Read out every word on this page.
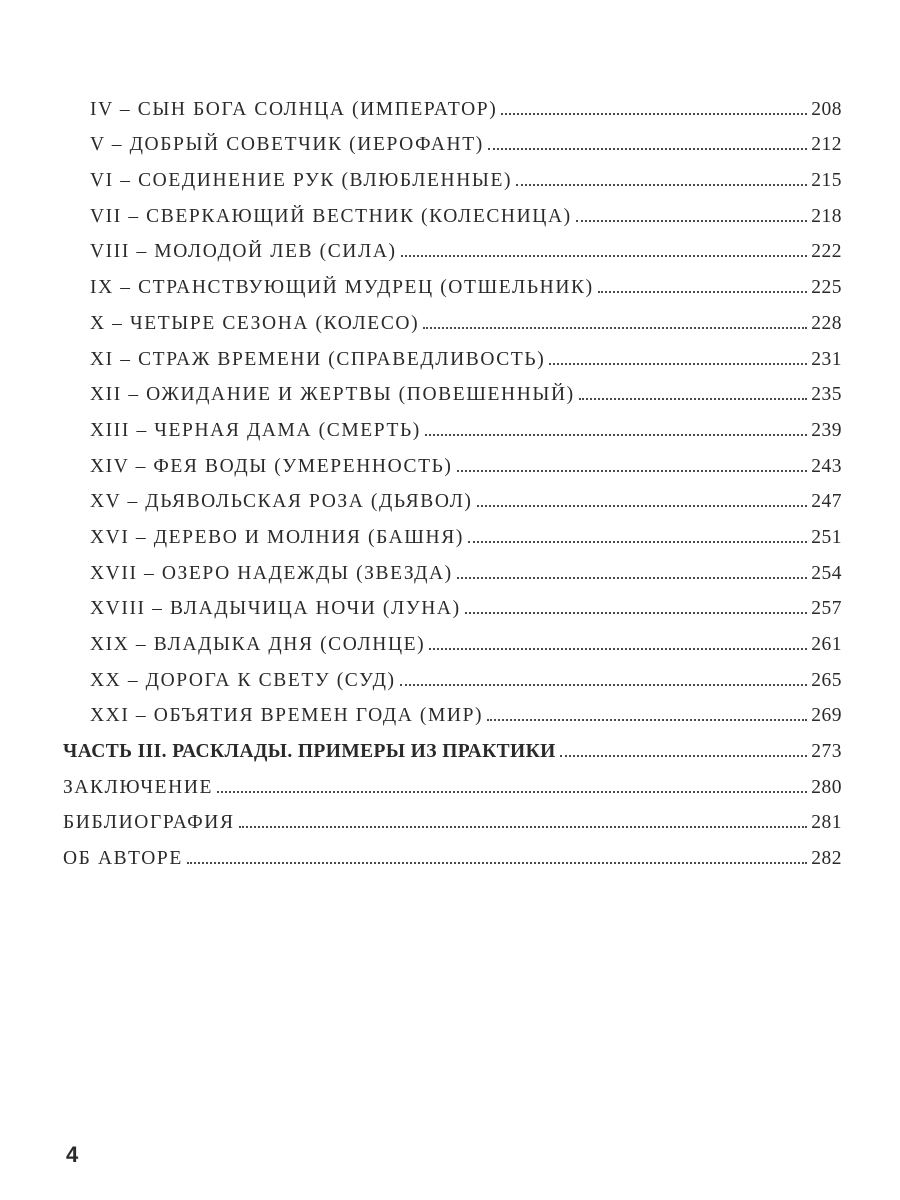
IV – СЫН БОГА СОЛНЦА (ИМПЕРАТОР)	208
V – ДОБРЫЙ СОВЕТЧИК (ИЕРОФАНТ)	212
VI – СОЕДИНЕНИЕ РУК (ВЛЮБЛЕННЫЕ)	215
VII – СВЕРКАЮЩИЙ ВЕСТНИК (КОЛЕСНИЦА)	218
VIII – МОЛОДОЙ ЛЕВ (СИЛА)	222
IX – СТРАНСТВУЮЩИЙ МУДРЕЦ (ОТШЕЛЬНИК)	225
X – ЧЕТЫРЕ СЕЗОНА (КОЛЕСО)	228
XI – СТРАЖ ВРЕМЕНИ (СПРАВЕДЛИВОСТЬ)	231
XII – ОЖИДАНИЕ И ЖЕРТВЫ (ПОВЕШЕННЫЙ)	235
XIII – ЧЕРНАЯ ДАМА (СМЕРТЬ)	239
XIV – ФЕЯ ВОДЫ (УМЕРЕННОСТЬ)	243
XV – ДЬЯВОЛЬСКАЯ РОЗА (ДЬЯВОЛ)	247
XVI – ДЕРЕВО И МОЛНИЯ (БАШНЯ)	251
XVII – ОЗЕРО НАДЕЖДЫ (ЗВЕЗДА)	254
XVIII – ВЛАДЫЧИЦА НОЧИ (ЛУНА)	257
XIX – ВЛАДЫКА ДНЯ (СОЛНЦЕ)	261
XX – ДОРОГА К СВЕТУ (СУД)	265
XXI – ОБЪЯТИЯ ВРЕМЕН ГОДА (МИР)	269
ЧАСТЬ III. РАСКЛАДЫ. ПРИМЕРЫ ИЗ ПРАКТИКИ	273
ЗАКЛЮЧЕНИЕ	280
БИБЛИОГРАФИЯ	281
ОБ АВТОРЕ	282
4
